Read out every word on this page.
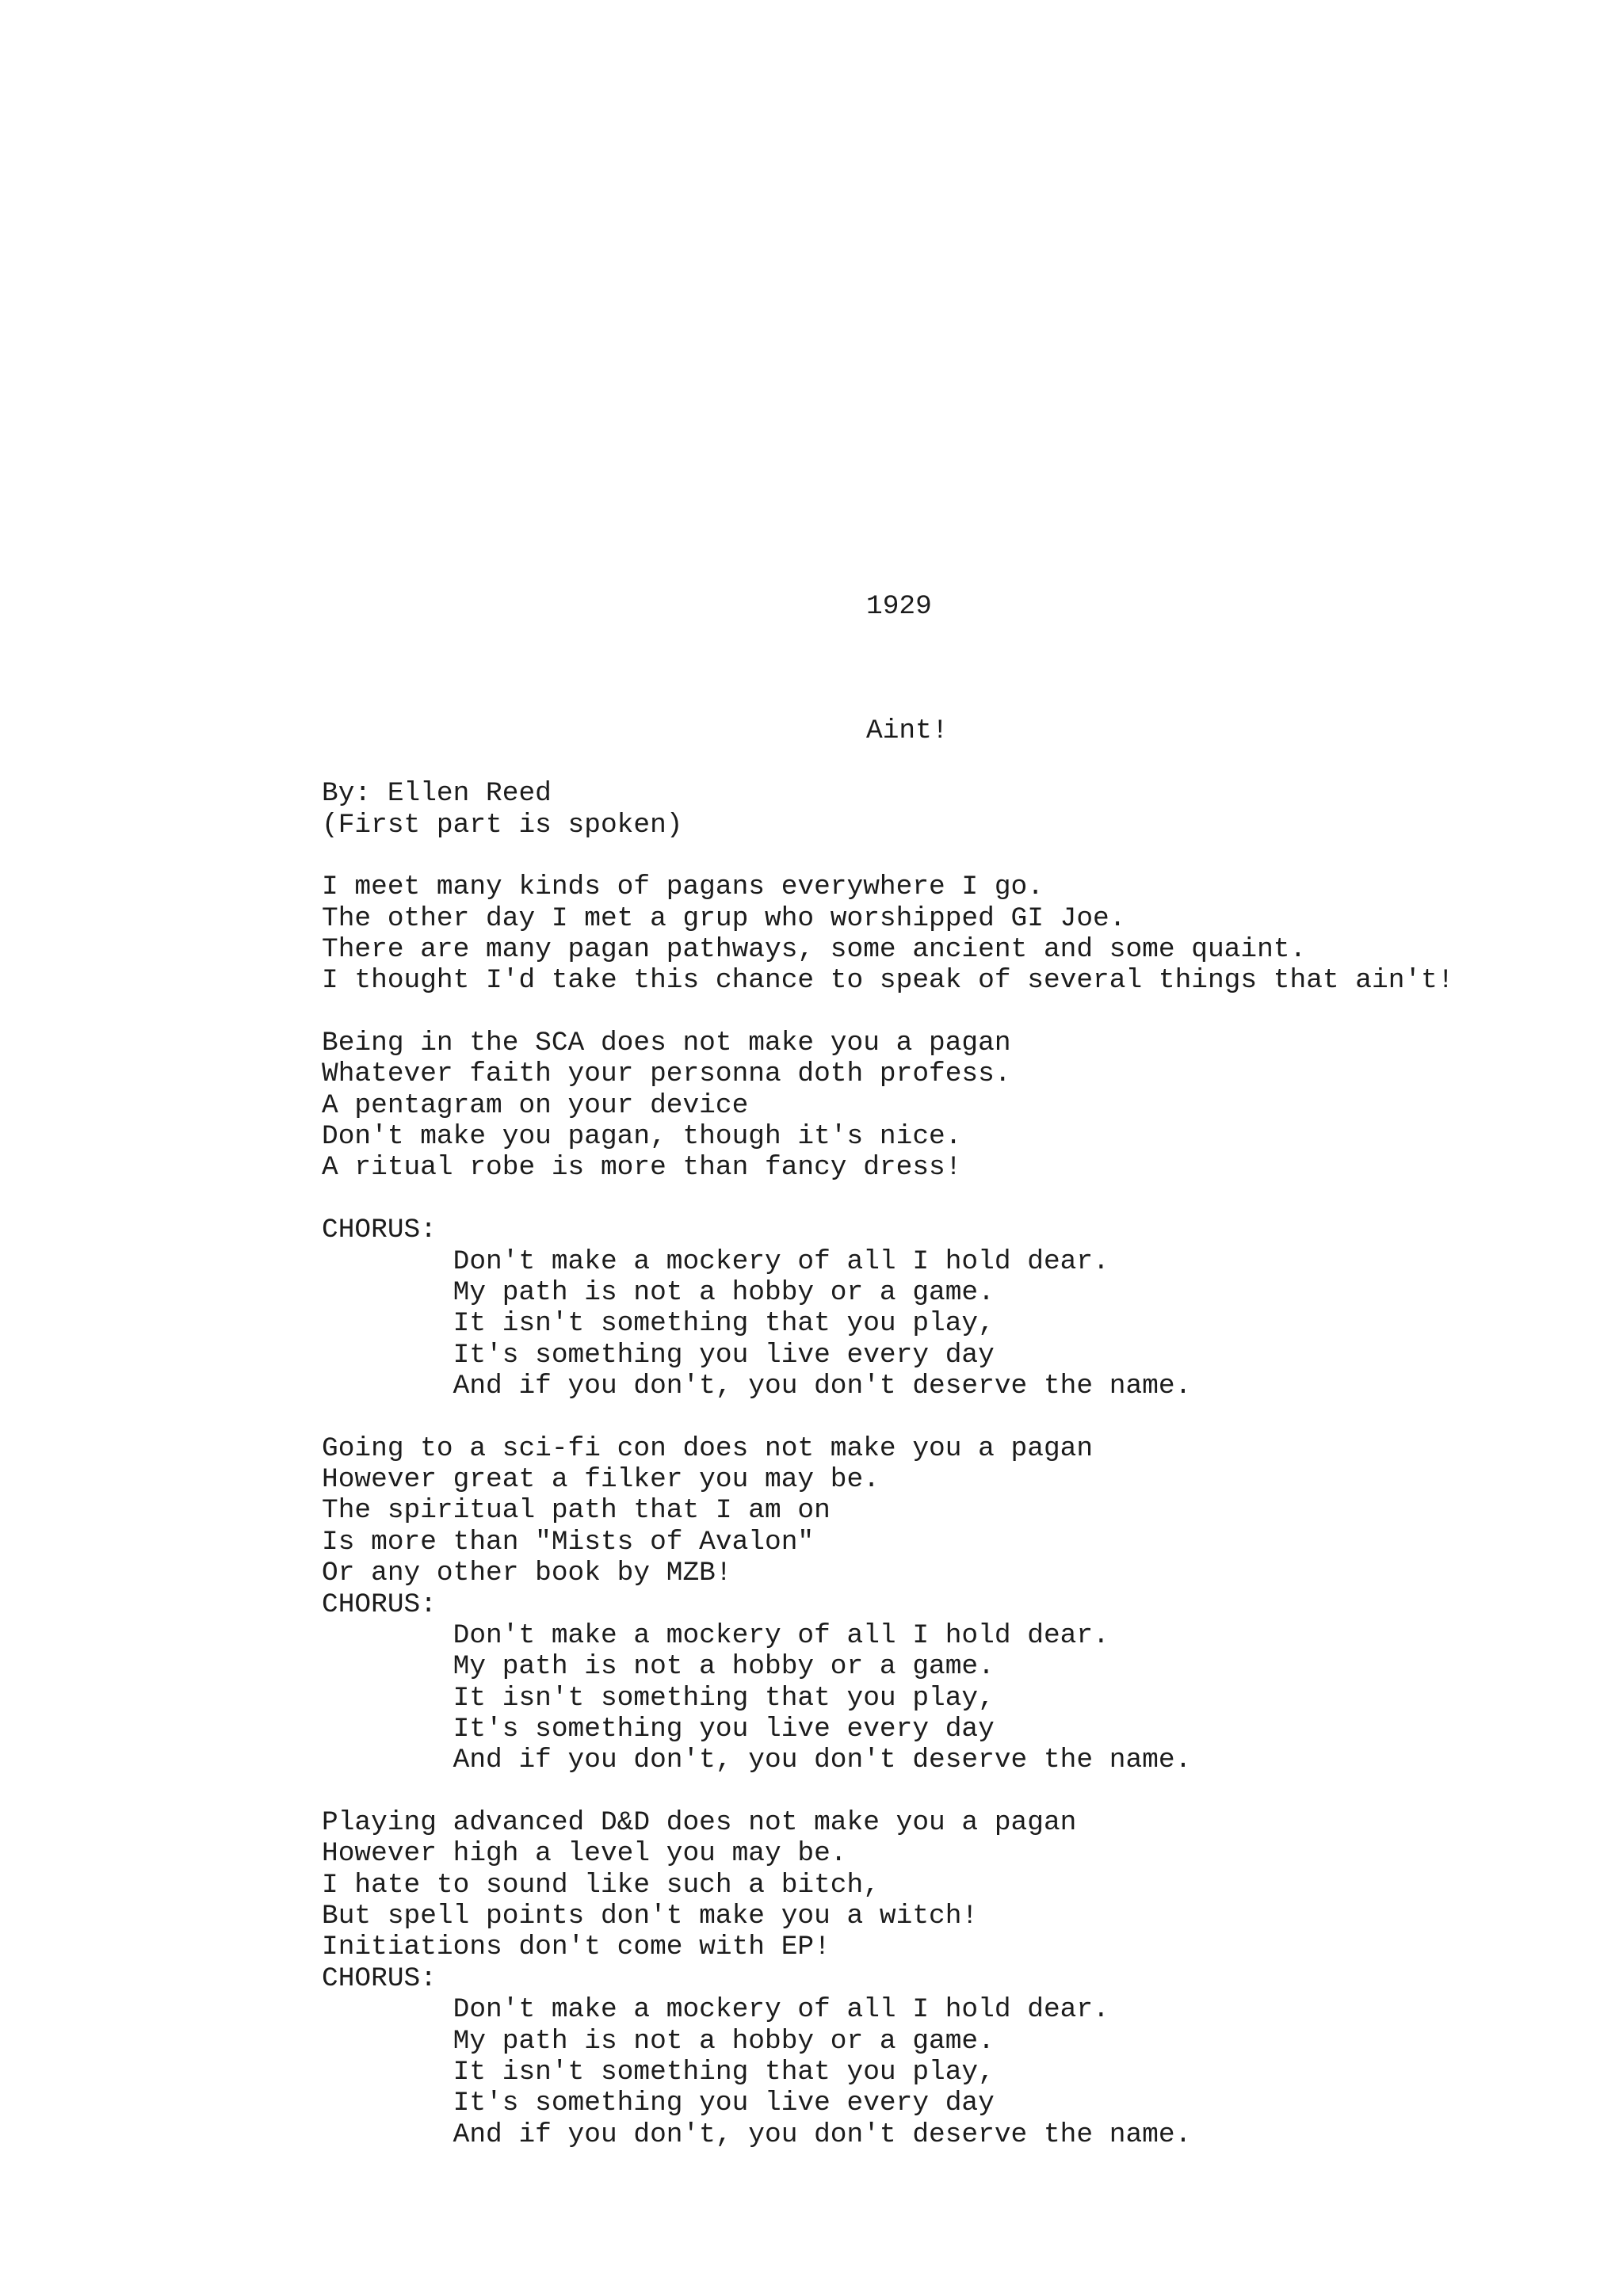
1929
Aint!
By: Ellen Reed
(First part is spoken)
I meet many kinds of pagans everywhere I go.
The other day I met a grup who worshipped GI Joe.
There are many pagan pathways, some ancient and some quaint.
I thought I'd take this chance to speak of several things that ain't!
Being in the SCA does not make you a pagan
Whatever faith your personna doth profess.
A pentagram on your device
Don't make you pagan, though it's nice.
A ritual robe is more than fancy dress!
CHORUS:
Don't make a mockery of all I hold dear.
My path is not a hobby or a game.
It isn't something that you play,
It's something you live every day
And if you don't, you don't deserve the name.
Going to a sci-fi con does not make you a pagan
However great a filker you may be.
The spiritual path that I am on
Is more than "Mists of Avalon"
Or any other book by MZB!
CHORUS:
Don't make a mockery of all I hold dear.
My path is not a hobby or a game.
It isn't something that you play,
It's something you live every day
And if you don't, you don't deserve the name.
Playing advanced D&D does not make you a pagan
However high a level you may be.
I hate to sound like such a bitch,
But spell points don't make you a witch!
Initiations don't come with EP!
CHORUS:
Don't make a mockery of all I hold dear.
My path is not a hobby or a game.
It isn't something that you play,
It's something you live every day
And if you don't, you don't deserve the name.
